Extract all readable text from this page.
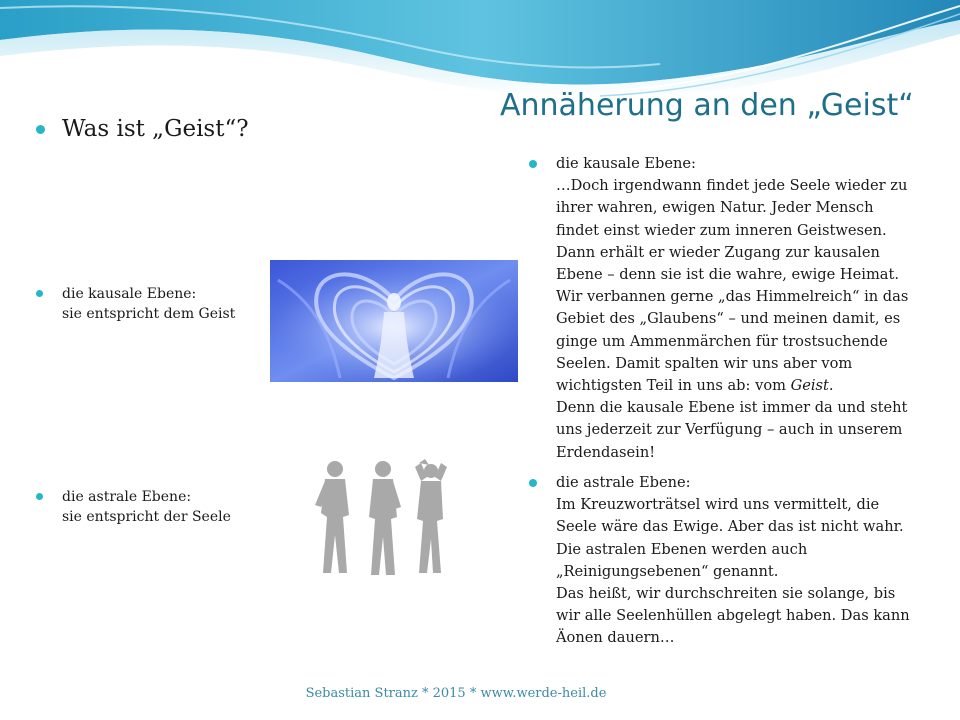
Annäherung an den „Geist“
Was ist „Geist“?
die kausale Ebene:
sie entspricht dem Geist
die astrale Ebene:
sie entspricht der Seele
die kausale Ebene:
…Doch irgendwann findet jede Seele wieder zu
ihrer wahren, ewigen Natur. Jeder Mensch
findet einst wieder zum inneren Geistwesen.
Dann erhält er wieder Zugang zur kausalen
Ebene – denn sie ist die wahre, ewige Heimat.
Wir verbannen gerne „das Himmelreich“ in das
Gebiet des „Glaubens“ – und meinen damit, es
ginge um Ammenmärchen für trostsuchende
Seelen. Damit spalten wir uns aber vom
wichtigsten Teil in uns ab: vom Geist.
Denn die kausale Ebene ist immer da und steht
uns jederzeit zur Verfügung – auch in unserem
Erdendasein!
die astrale Ebene:
Im Kreuzworträtsel wird uns vermittelt, die
Seele wäre das Ewige. Aber das ist nicht wahr.
Die astralen Ebenen werden auch
„Reinigungsebenen“ genannt.
Das heißt, wir durchschreiten sie solange, bis
wir alle Seelenhüllen abgelegt haben. Das kann
Äonen dauern…
Sebastian Stranz * 2015 * www.werde-heil.de
